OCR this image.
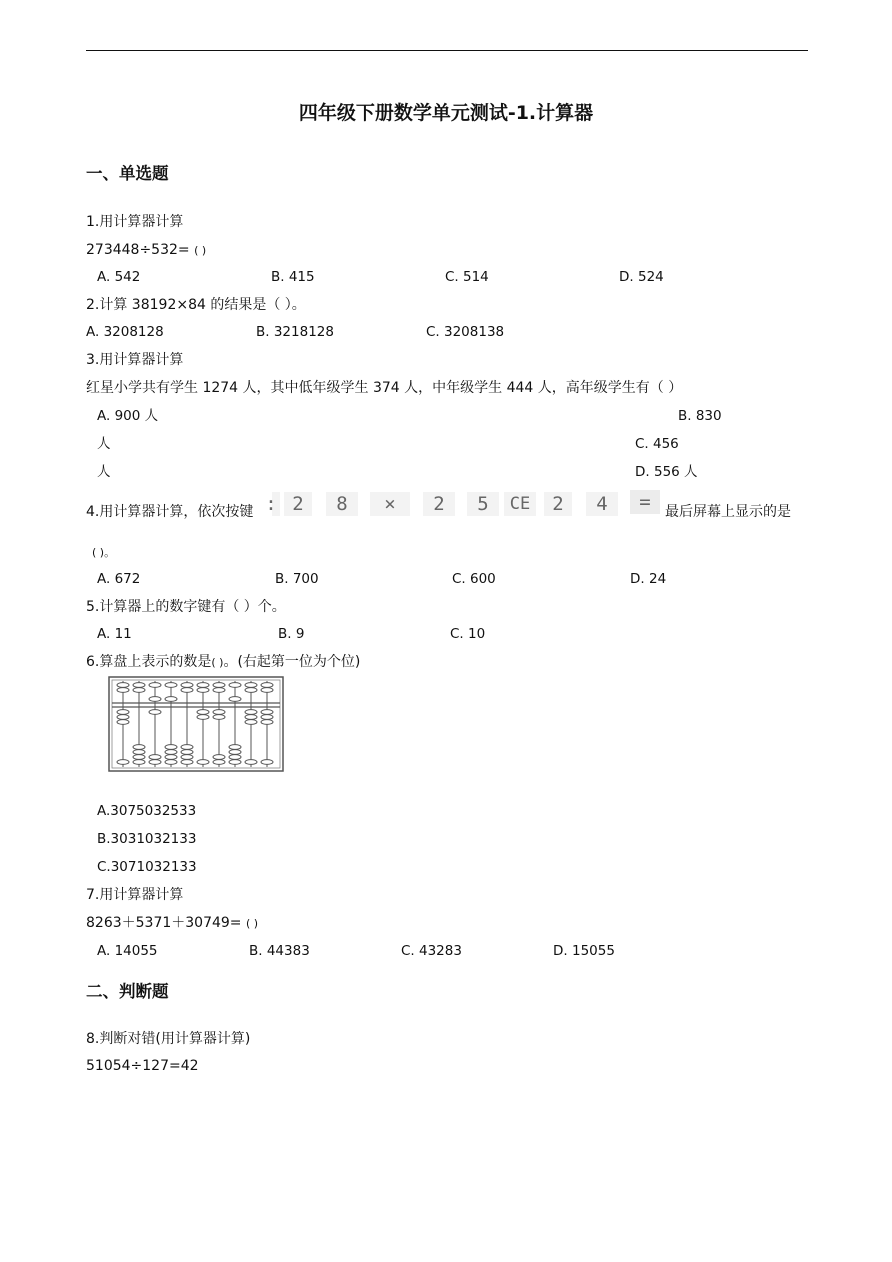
四年级下册数学单元测试-1.计算器
一、单选题
1.用计算器计算
273448÷532= ( )
A. 542	B. 415	C. 514	D. 524
2.计算 38192×84 的结果是（ ）。
A. 3208128	B. 3218128	C. 3208138
3.用计算器计算
红星小学共有学生 1274 人，其中低年级学生 374 人，中年级学生 444 人，高年级学生有（ ）
A. 900 人	B. 830
人	C. 456
人	D. 556 人
4.用计算器计算，依次按键 : 2	8	×	2	5	CE	2	4	=	最后屏幕上显示的是
( )。
A. 672	B. 700	C. 600	D. 24
5.计算器上的数字键有（ ）个。
A. 11	B. 9	C. 10
6.算盘上表示的数是( )。(右起第一位为个位)
A.3075032533
B.3031032133
C.3071032133
7.用计算器计算
8263＋5371＋30749= ( )
A. 14055	B. 44383	C. 43283	D. 15055
二、判断题
8.判断对错(用计算器计算)
51054÷127=42
